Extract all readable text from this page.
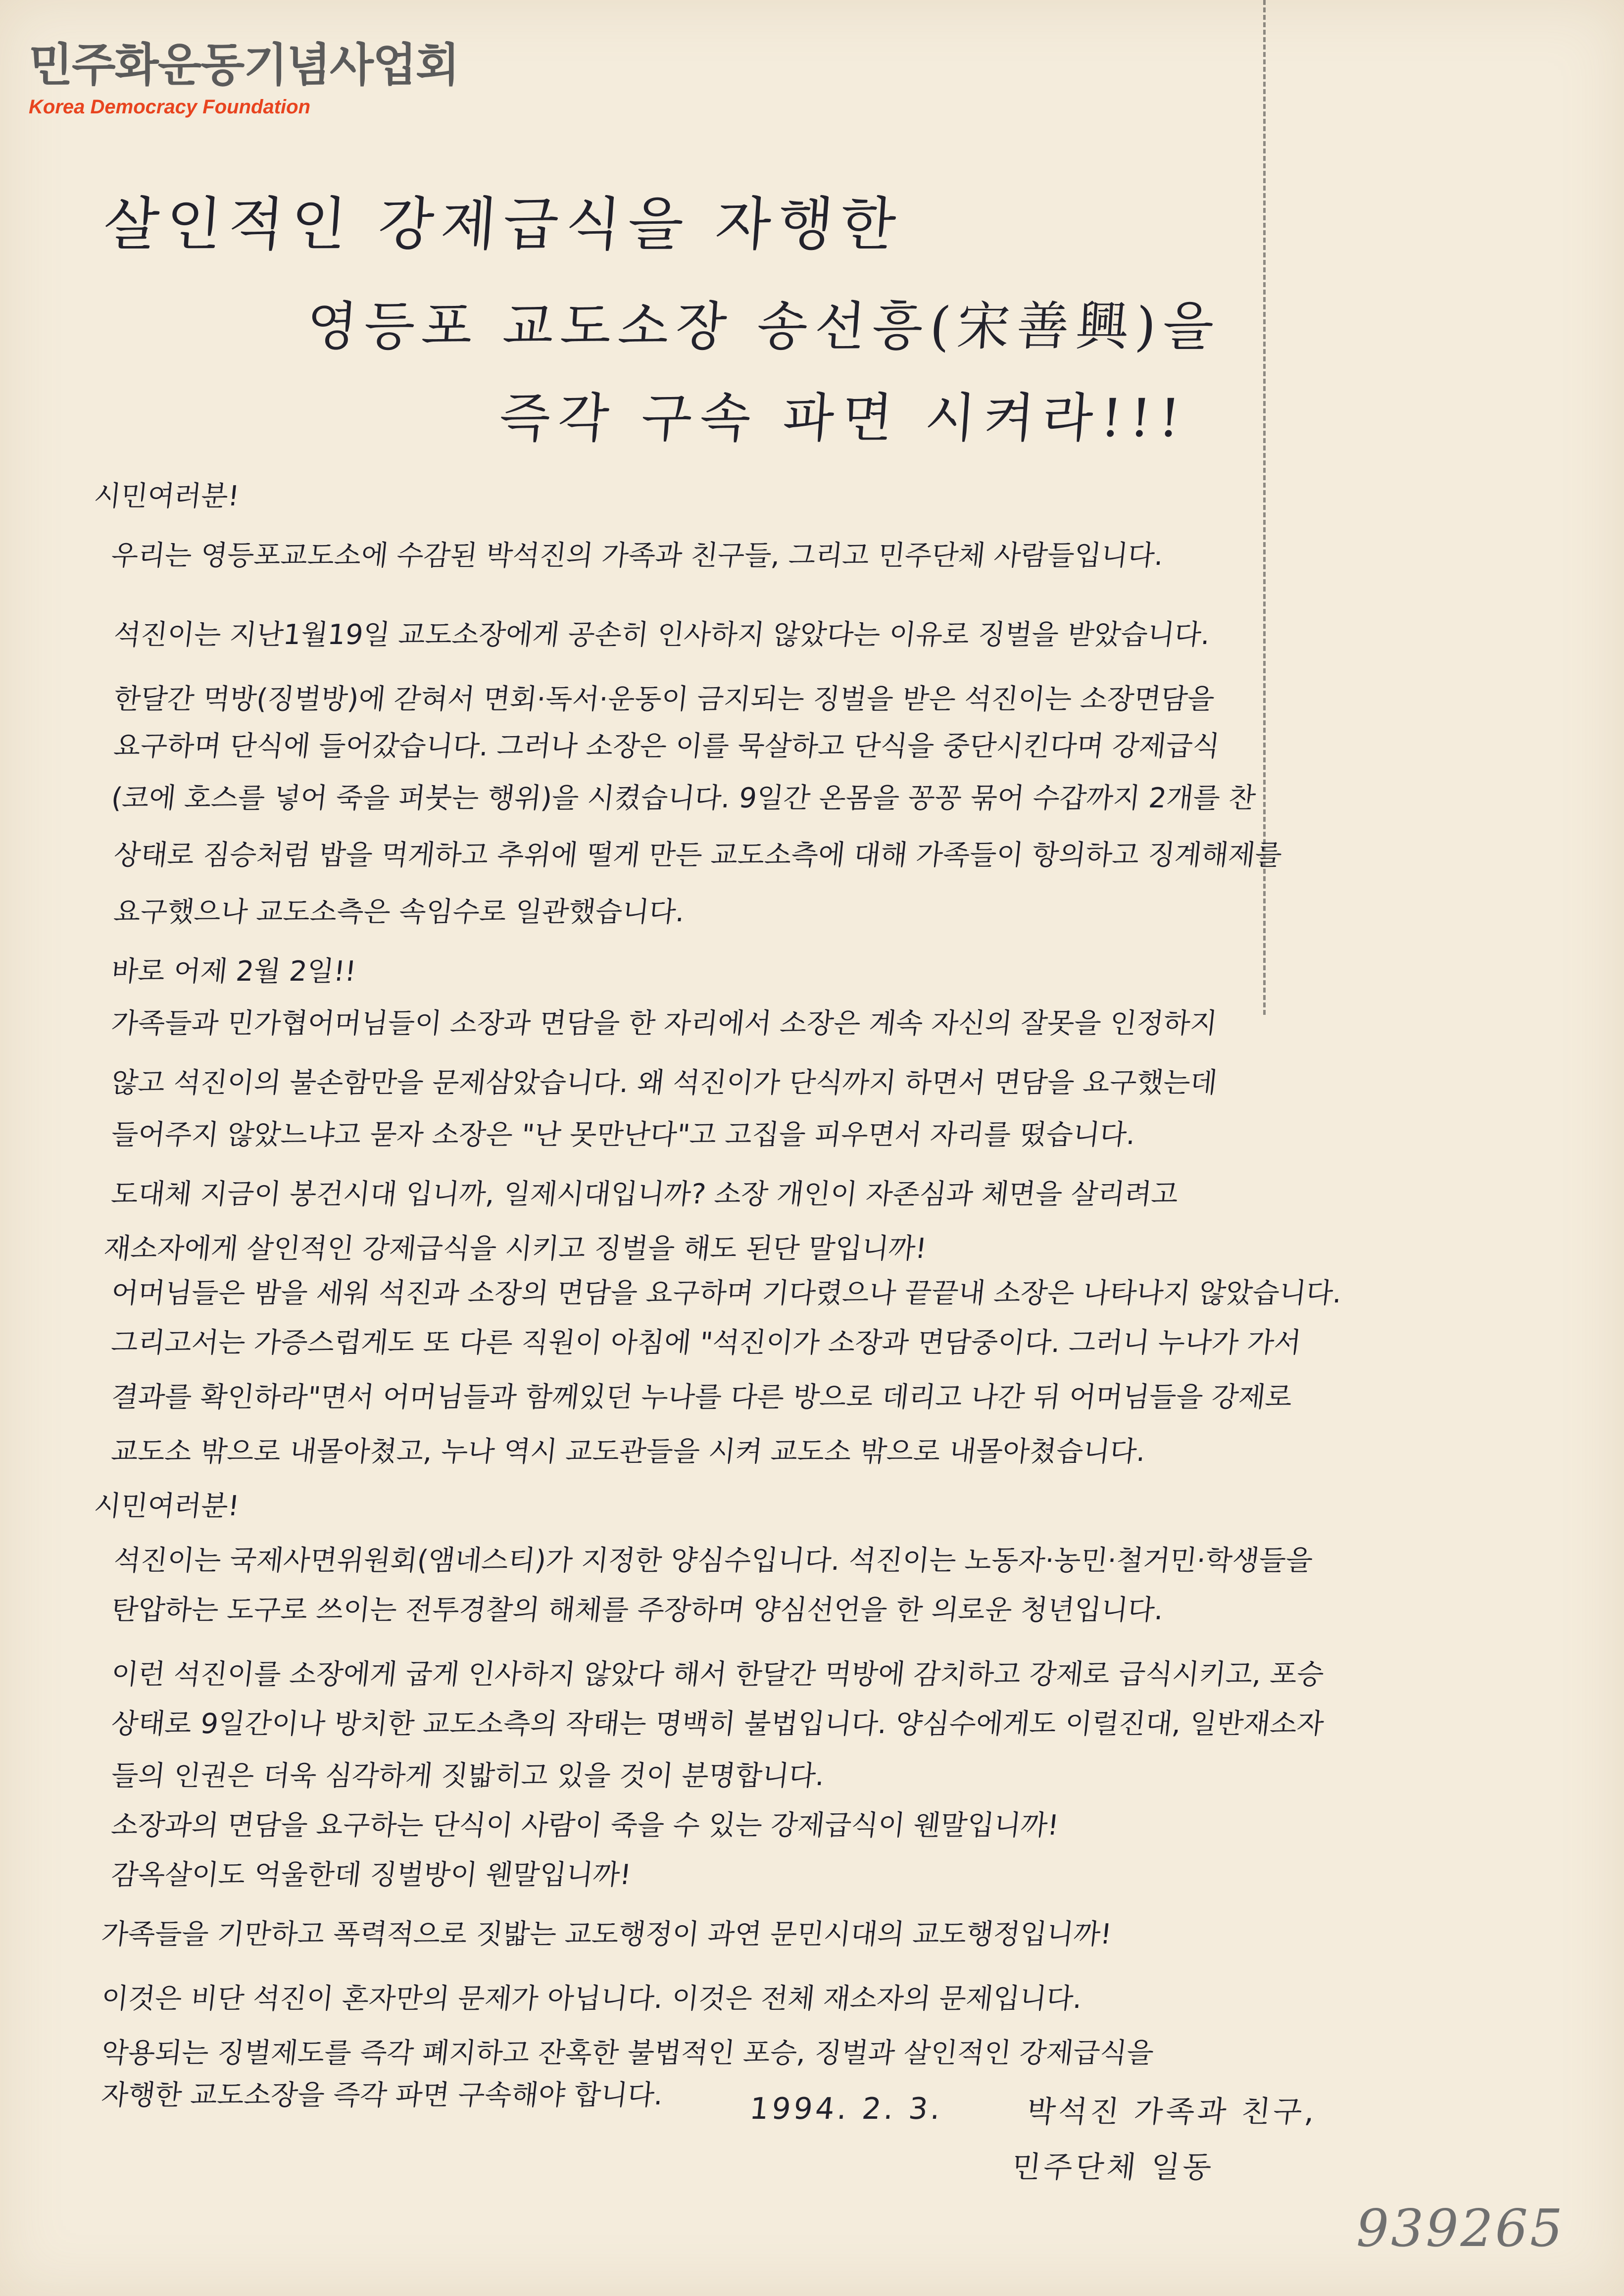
민주화운동기념사업회
Korea Democracy Foundation
살인적인 강제급식을 자행한
영등포 교도소장 송선흥(宋善興)을
즉각 구속 파면 시켜라!!!
시민여러분!
우리는 영등포교도소에 수감된 박석진의 가족과 친구들, 그리고 민주단체 사람들입니다.
석진이는 지난1월19일 교도소장에게 공손히 인사하지 않았다는 이유로 징벌을 받았습니다.
한달간 먹방(징벌방)에 갇혀서 면회·독서·운동이 금지되는 징벌을 받은 석진이는 소장면담을
요구하며 단식에 들어갔습니다. 그러나 소장은 이를 묵살하고 단식을 중단시킨다며 강제급식
(코에 호스를 넣어 죽을 퍼붓는 행위)을 시켰습니다. 9일간 온몸을 꽁꽁 묶어 수갑까지 2개를 찬
상태로 짐승처럼 밥을 먹게하고 추위에 떨게 만든 교도소측에 대해 가족들이 항의하고 징계해제를
요구했으나 교도소측은 속임수로 일관했습니다.
바로 어제 2월 2일!!
가족들과 민가협어머님들이 소장과 면담을 한 자리에서 소장은 계속 자신의 잘못을 인정하지
않고 석진이의 불손함만을 문제삼았습니다. 왜 석진이가 단식까지 하면서 면담을 요구했는데
들어주지 않았느냐고 묻자 소장은 "난 못만난다"고 고집을 피우면서 자리를 떴습니다.
도대체 지금이 봉건시대 입니까, 일제시대입니까? 소장 개인이 자존심과 체면을 살리려고
재소자에게 살인적인 강제급식을 시키고 징벌을 해도 된단 말입니까!
어머님들은 밤을 세워 석진과 소장의 면담을 요구하며 기다렸으나 끝끝내 소장은 나타나지 않았습니다.
그리고서는 가증스럽게도 또 다른 직원이 아침에 "석진이가 소장과 면담중이다. 그러니 누나가 가서
결과를 확인하라"면서 어머님들과 함께있던 누나를 다른 방으로 데리고 나간 뒤 어머님들을 강제로
교도소 밖으로 내몰아쳤고, 누나 역시 교도관들을 시켜 교도소 밖으로 내몰아쳤습니다.
시민여러분!
석진이는 국제사면위원회(앰네스티)가 지정한 양심수입니다. 석진이는 노동자·농민·철거민·학생들을
탄압하는 도구로 쓰이는 전투경찰의 해체를 주장하며 양심선언을 한 의로운 청년입니다.
이런 석진이를 소장에게 굽게 인사하지 않았다 해서 한달간 먹방에 감치하고 강제로 급식시키고, 포승
상태로 9일간이나 방치한 교도소측의 작태는 명백히 불법입니다. 양심수에게도 이럴진대, 일반재소자
들의 인권은 더욱 심각하게 짓밟히고 있을 것이 분명합니다.
소장과의 면담을 요구하는 단식이 사람이 죽을 수 있는 강제급식이 웬말입니까!
감옥살이도 억울한데 징벌방이 웬말입니까!
가족들을 기만하고 폭력적으로 짓밟는 교도행정이 과연 문민시대의 교도행정입니까!
이것은 비단 석진이 혼자만의 문제가 아닙니다. 이것은 전체 재소자의 문제입니다.
악용되는 징벌제도를 즉각 폐지하고 잔혹한 불법적인 포승, 징벌과 살인적인 강제급식을
자행한 교도소장을 즉각 파면 구속해야 합니다.	1994. 2. 3.	박석진 가족과 친구,
민주단체 일동
939265
